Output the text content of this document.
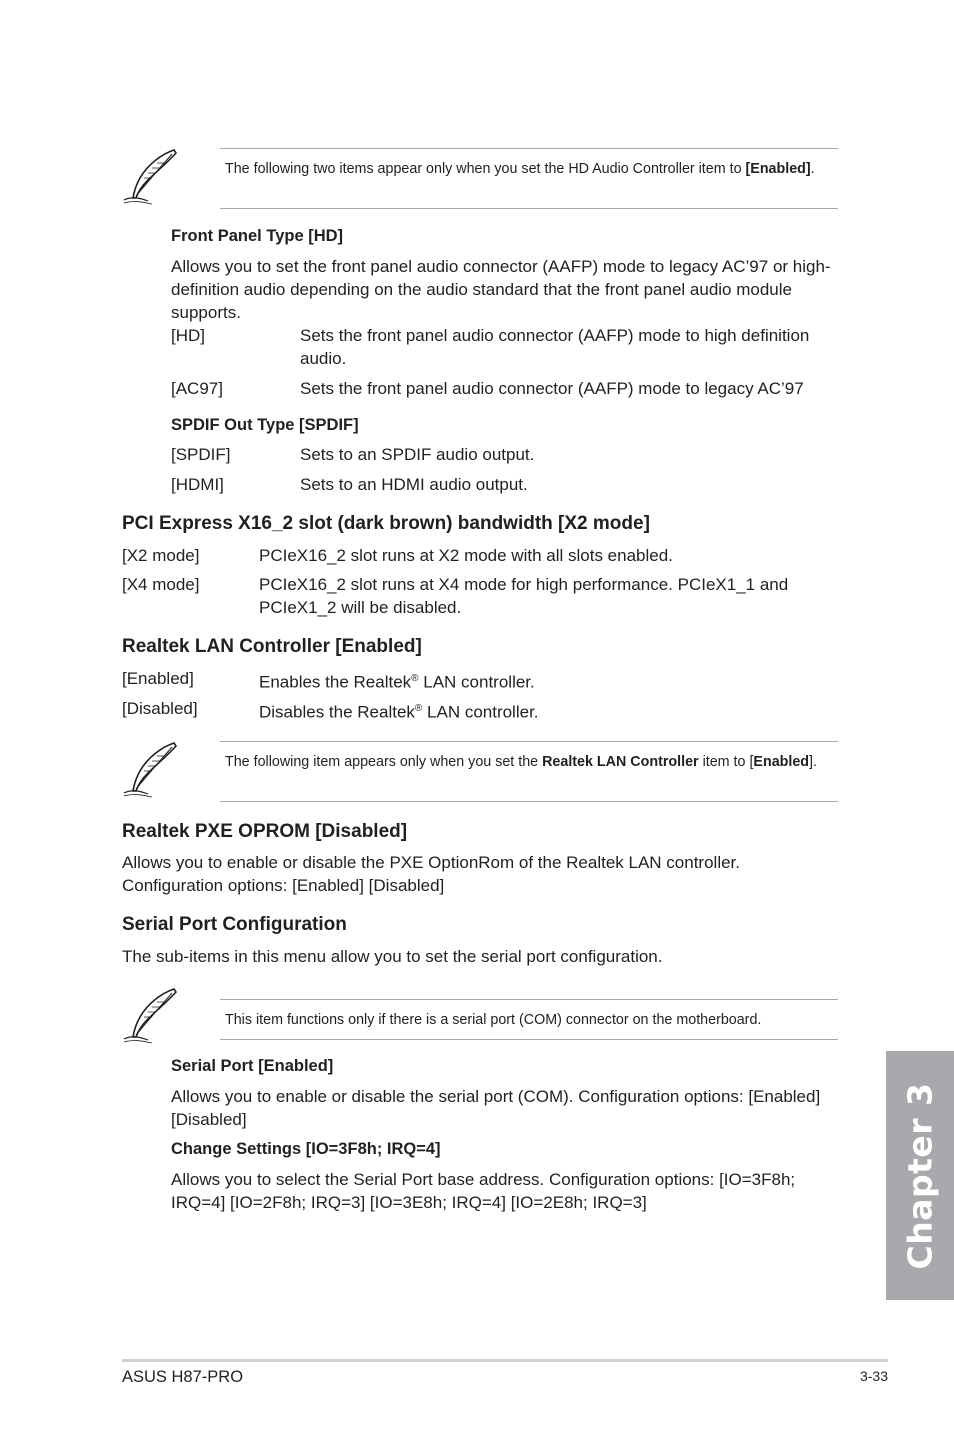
The following two items appear only when you set the HD Audio Controller item to [Enabled].
Front Panel Type [HD]
Allows you to set the front panel audio connector (AAFP) mode to legacy AC’97 or high-definition audio depending on the audio standard that the front panel audio module supports.
[HD]	Sets the front panel audio connector (AAFP) mode to high definition audio.
[AC97]	Sets the front panel audio connector (AAFP) mode to legacy AC’97
SPDIF Out Type [SPDIF]
[SPDIF]	Sets to an SPDIF audio output.
[HDMI]	Sets to an HDMI audio output.
PCI Express X16_2 slot (dark brown) bandwidth [X2 mode]
[X2 mode]	PCIeX16_2 slot runs at X2 mode with all slots enabled.
[X4 mode]	PCIeX16_2 slot runs at X4 mode for high performance. PCIeX1_1 and PCIeX1_2 will be disabled.
Realtek LAN Controller [Enabled]
[Enabled]	Enables the Realtek® LAN controller.
[Disabled]	Disables the Realtek® LAN controller.
The following item appears only when you set the Realtek LAN Controller item to [Enabled].
Realtek PXE OPROM [Disabled]
Allows you to enable or disable the PXE OptionRom of the Realtek LAN controller. Configuration options: [Enabled] [Disabled]
Serial Port Configuration
The sub-items in this menu allow you to set the serial port configuration.
This item functions only if there is a serial port (COM) connector on the motherboard.
Serial Port [Enabled]
Allows you to enable or disable the serial port (COM). Configuration options: [Enabled] [Disabled]
Change Settings [IO=3F8h; IRQ=4]
Allows you to select the Serial Port base address. Configuration options: [IO=3F8h; IRQ=4] [IO=2F8h; IRQ=3] [IO=3E8h; IRQ=4] [IO=2E8h; IRQ=3]	Chapter 3
ASUS H87-PRO	3-33
